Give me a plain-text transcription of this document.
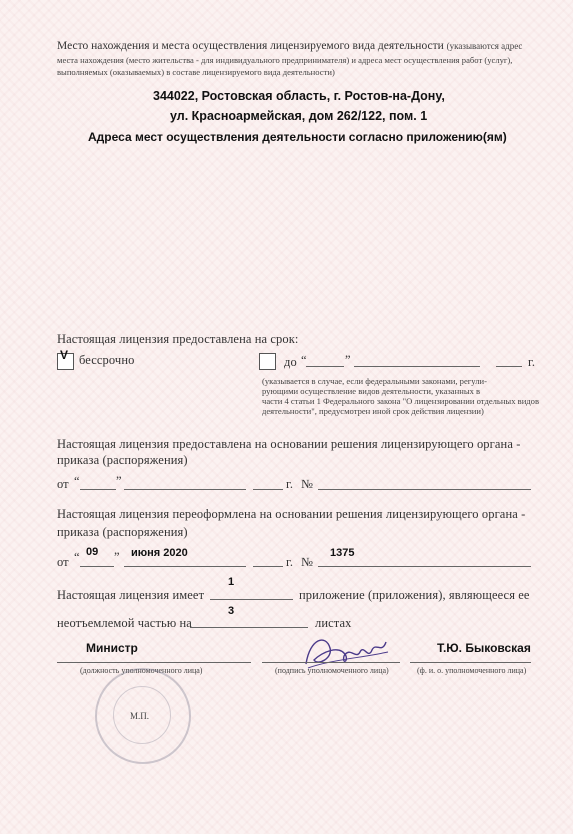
Место нахождения и места осуществления лицензируемого вида деятельности (указываются адрес
места нахождения (место жительства - для индивидуального предпринимателя) и адреса мест осуществления работ (услуг),
выполняемых (оказываемых) в составе лицензируемого вида деятельности)
344022, Ростовская область, г. Ростов-на-Дону,
ул. Красноармейская, дом 262/122, пом. 1
Адреса мест осуществления деятельности согласно приложению(ям)
Настоящая лицензия предоставлена на срок:
V бессрочно	до “	”	г.
(указывается в случае, если федеральными законами, регули-
рующими осуществление видов деятельности, указанных в
части 4 статьи 1 Федерального закона "О лицензировании отдельных видов
деятельности", предусмотрен иной срок действия лицензии)
Настоящая лицензия предоставлена на основании решения лицензирующего органа -
приказа (распоряжения)
от “	”	г. №
Настоящая лицензия переоформлена на основании решения лицензирующего органа -
приказа (распоряжения)
от “ 09 ” июня 2020
г. №
1375
Настоящая лицензия имеет
1
приложение (приложения), являющееся ее
неотъемлемой частью на
3
листах
Министр
(должность уполномоченного лица)	(подпись уполномоченного лица)
Т.Ю. Быковская
(ф. и. о. уполномоченного лица)
М.П.
